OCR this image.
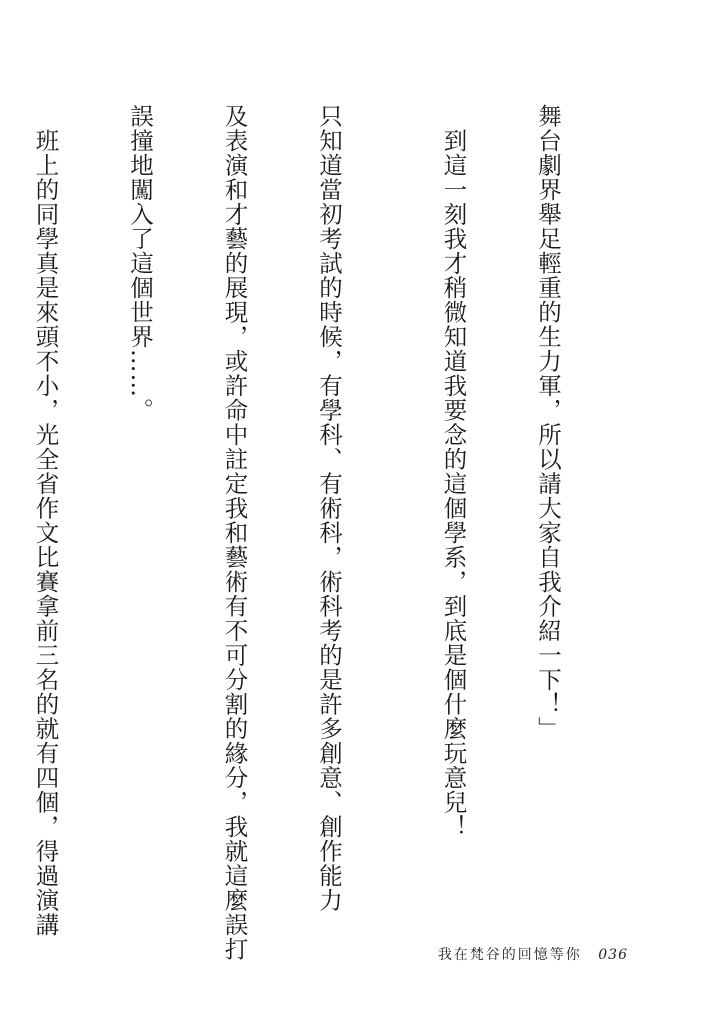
舞台劇界舉足輕重的生力軍，所以請大家自我介紹一下！」

　到這一刻我才稍微知道我要念的這個學系，到底是個什麼玩意兒！

只知道當初考試的時候，有學科、有術科，術科考的是許多創意、創作能力

及表演和才藝的展現，或許命中註定我和藝術有不可分割的緣分，我就這麼誤打

誤撞地闖入了這個世界……。

　班上的同學真是來頭不小，光全省作文比賽拿前三名的就有四個，得過演講

我在梵谷的回憶等你 036
